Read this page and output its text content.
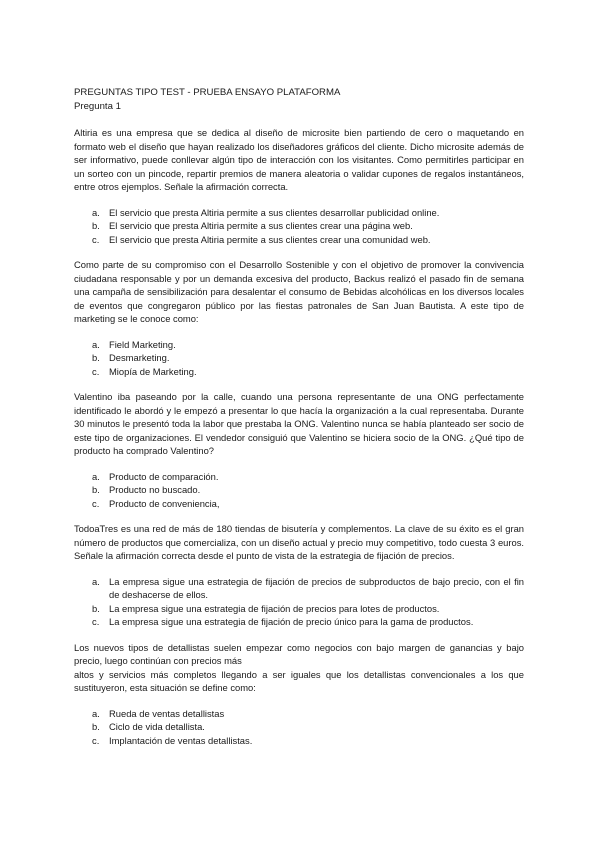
PREGUNTAS TIPO TEST - PRUEBA ENSAYO PLATAFORMA

Pregunta 1

Altiria es una empresa que se dedica al diseño de microsite bien partiendo de cero o maquetando en formato web el diseño que hayan realizado los diseñadores gráficos del cliente. Dicho microsite además de ser informativo, puede conllevar algún tipo de interacción con los visitantes. Como permitirles participar en un sorteo con un pincode, repartir premios de manera aleatoria o validar cupones de regalos instantáneos, entre otros ejemplos. Señale la afirmación correcta.

a. El servicio que presta Altiria permite a sus clientes desarrollar publicidad online.
b. El servicio que presta Altiria permite a sus clientes crear una página web.
c.	El servicio que presta Altiria permite a sus clientes crear una comunidad web.

Como parte de su compromiso con el Desarrollo Sostenible y con el objetivo de promover la convivencia ciudadana responsable y por un demanda excesiva del producto, Backus realizó el pasado fin de semana una campaña de sensibilización para desalentar el consumo de Bebidas alcohólicas en los diversos locales de eventos que congregaron público por las fiestas patronales de San Juan Bautista. A este tipo de marketing se le conoce como:

a. Field Marketing.
b. Desmarketing.
c.	Miopía de Marketing.

Valentino iba paseando por la calle, cuando una persona representante de una ONG perfectamente identificado le abordó y le empezó a presentar lo que hacía la organización a la cual representaba. Durante 30 minutos le presentó toda la labor que prestaba la ONG. Valentino nunca se había planteado ser socio de este tipo de organizaciones. El vendedor consiguió que Valentino se hiciera socio de la ONG. ¿Qué tipo de producto ha comprado Valentino?

a. Producto de comparación.
b. Producto no buscado.
c.	Producto de conveniencia,

TodoaTres es una red de más de 180 tiendas de bisutería y complementos. La clave de su éxito es el gran número de productos que comercializa, con un diseño actual y precio muy competitivo, todo cuesta 3 euros. Señale la afirmación correcta desde el punto de vista de la estrategia de fijación de precios.

a. La empresa sigue una estrategia de fijación de precios de subproductos de bajo precio, con el fin de deshacerse de ellos.
b. La empresa sigue una estrategia de fijación de precios para lotes de productos.
c.	La empresa sigue una estrategia de fijación de precio único para la gama de productos.

Los nuevos tipos de detallistas suelen empezar como negocios con bajo margen de ganancias y bajo precio, luego continúan con precios más

altos y servicios más completos llegando a ser iguales que los detallistas convencionales a los que sustituyeron, esta situación se define como:

a. Rueda de ventas detallistas
b. Ciclo de vida detallista.
c.	Implantación de ventas detallistas.
